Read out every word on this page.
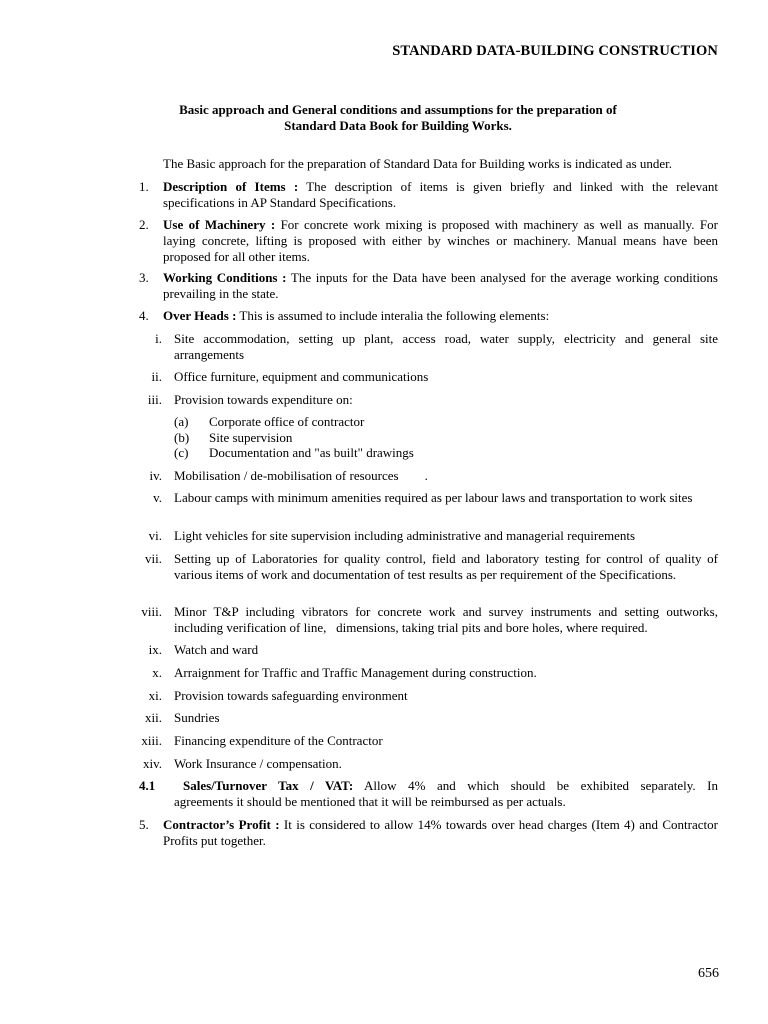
STANDARD DATA-BUILDING CONSTRUCTION
Basic approach and General conditions and assumptions for the preparation of
Standard Data Book for Building Works.
The Basic approach for the preparation of Standard Data for Building works is indicated as under.
1. Description of Items : The description of items is given briefly and linked with the relevant specifications in AP Standard Specifications.
2. Use of Machinery : For concrete work mixing is proposed with machinery as well as manually. For laying concrete, lifting is proposed with either by winches or machinery. Manual means have been proposed for all other items.
3. Working Conditions : The inputs for the Data have been analysed for the average working conditions prevailing in the state.
4. Over Heads : This is assumed to include interalia the following elements:
i. Site accommodation, setting up plant, access road, water supply, electricity and general site arrangements
ii. Office furniture, equipment and communications
iii. Provision towards expenditure on:
(a) Corporate office of contractor
(b) Site supervision
(c) Documentation and "as built" drawings
iv. Mobilisation / de-mobilisation of resources        .
v. Labour camps with minimum amenities required as per labour laws and transportation to work sites
vi. Light vehicles for site supervision including administrative and managerial requirements
vii. Setting up of Laboratories for quality control, field and laboratory testing for control of quality of various items of work and documentation of test results as per requirement of the Specifications.
viii. Minor T&P including vibrators for concrete work and survey instruments and setting outworks, including verification of line,   dimensions, taking trial pits and bore holes, where required.
ix. Watch and ward
x. Arraignment for Traffic and Traffic Management during construction.
xi. Provision towards safeguarding environment
xii. Sundries
xiii. Financing expenditure of the Contractor
xiv. Work Insurance / compensation.
4.1	Sales/Turnover Tax / VAT: Allow 4% and which should be exhibited separately. In
agreements it should be mentioned that it will be reimbursed as per actuals.
5. Contractor’s Profit : It is considered to allow 14% towards over head charges (Item 4) and Contractor Profits put together.
656
